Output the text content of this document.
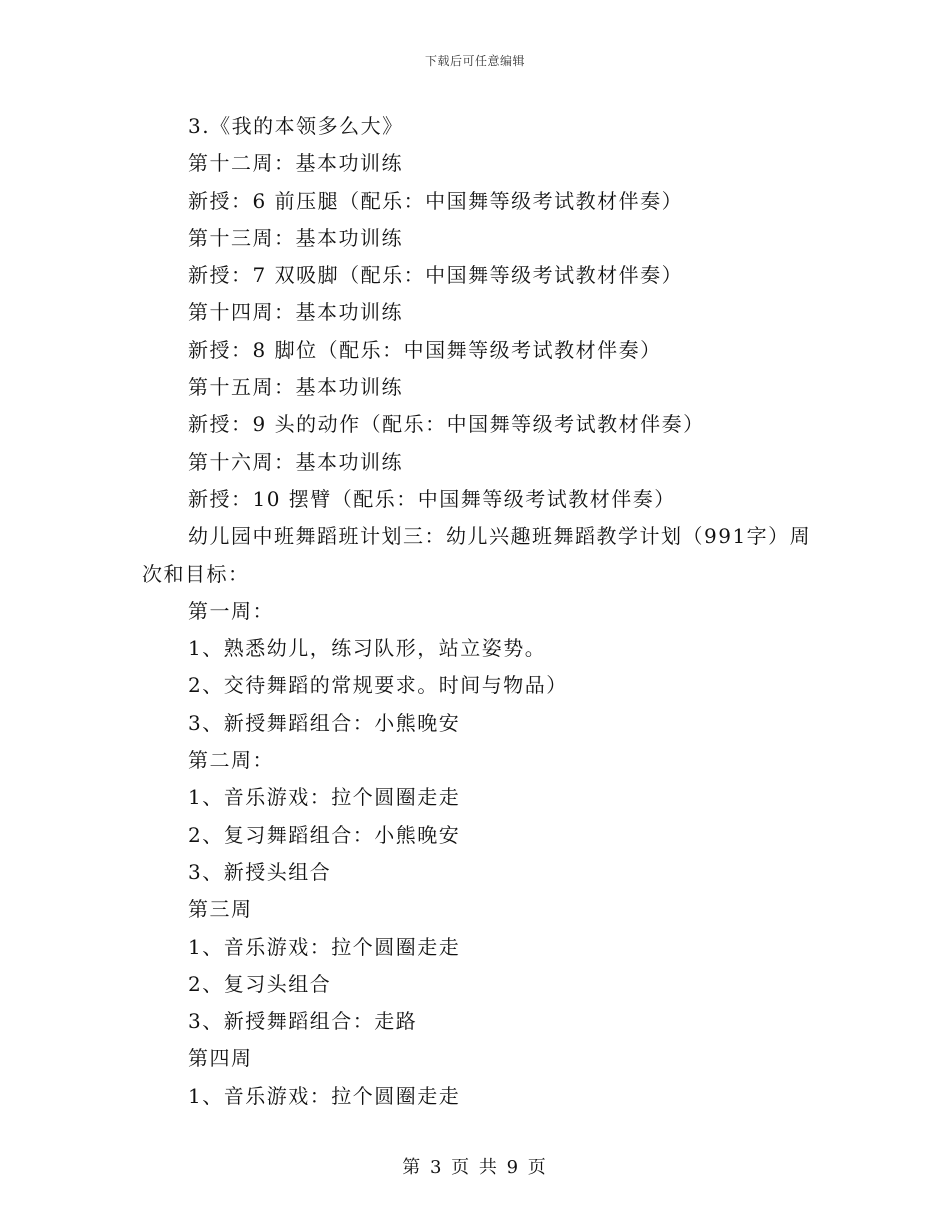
下载后可任意编辑
3.《我的本领多么大》
第十二周：基本功训练
新授：6 前压腿（配乐：中国舞等级考试教材伴奏）
第十三周：基本功训练
新授：7 双吸脚（配乐：中国舞等级考试教材伴奏）
第十四周：基本功训练
新授：8 脚位（配乐：中国舞等级考试教材伴奏）
第十五周：基本功训练
新授：9 头的动作（配乐：中国舞等级考试教材伴奏）
第十六周：基本功训练
新授：10 摆臂（配乐：中国舞等级考试教材伴奏）
幼儿园中班舞蹈班计划三：幼儿兴趣班舞蹈教学计划（991字）周次和目标：
第一周：
1、熟悉幼儿，练习队形，站立姿势。
2、交待舞蹈的常规要求。时间与物品）
3、新授舞蹈组合：小熊晚安
第二周：
1、音乐游戏：拉个圆圈走走
2、复习舞蹈组合：小熊晚安
3、新授头组合
第三周
1、音乐游戏：拉个圆圈走走
2、复习头组合
3、新授舞蹈组合：走路
第四周
1、音乐游戏：拉个圆圈走走
第 3 页 共 9 页
